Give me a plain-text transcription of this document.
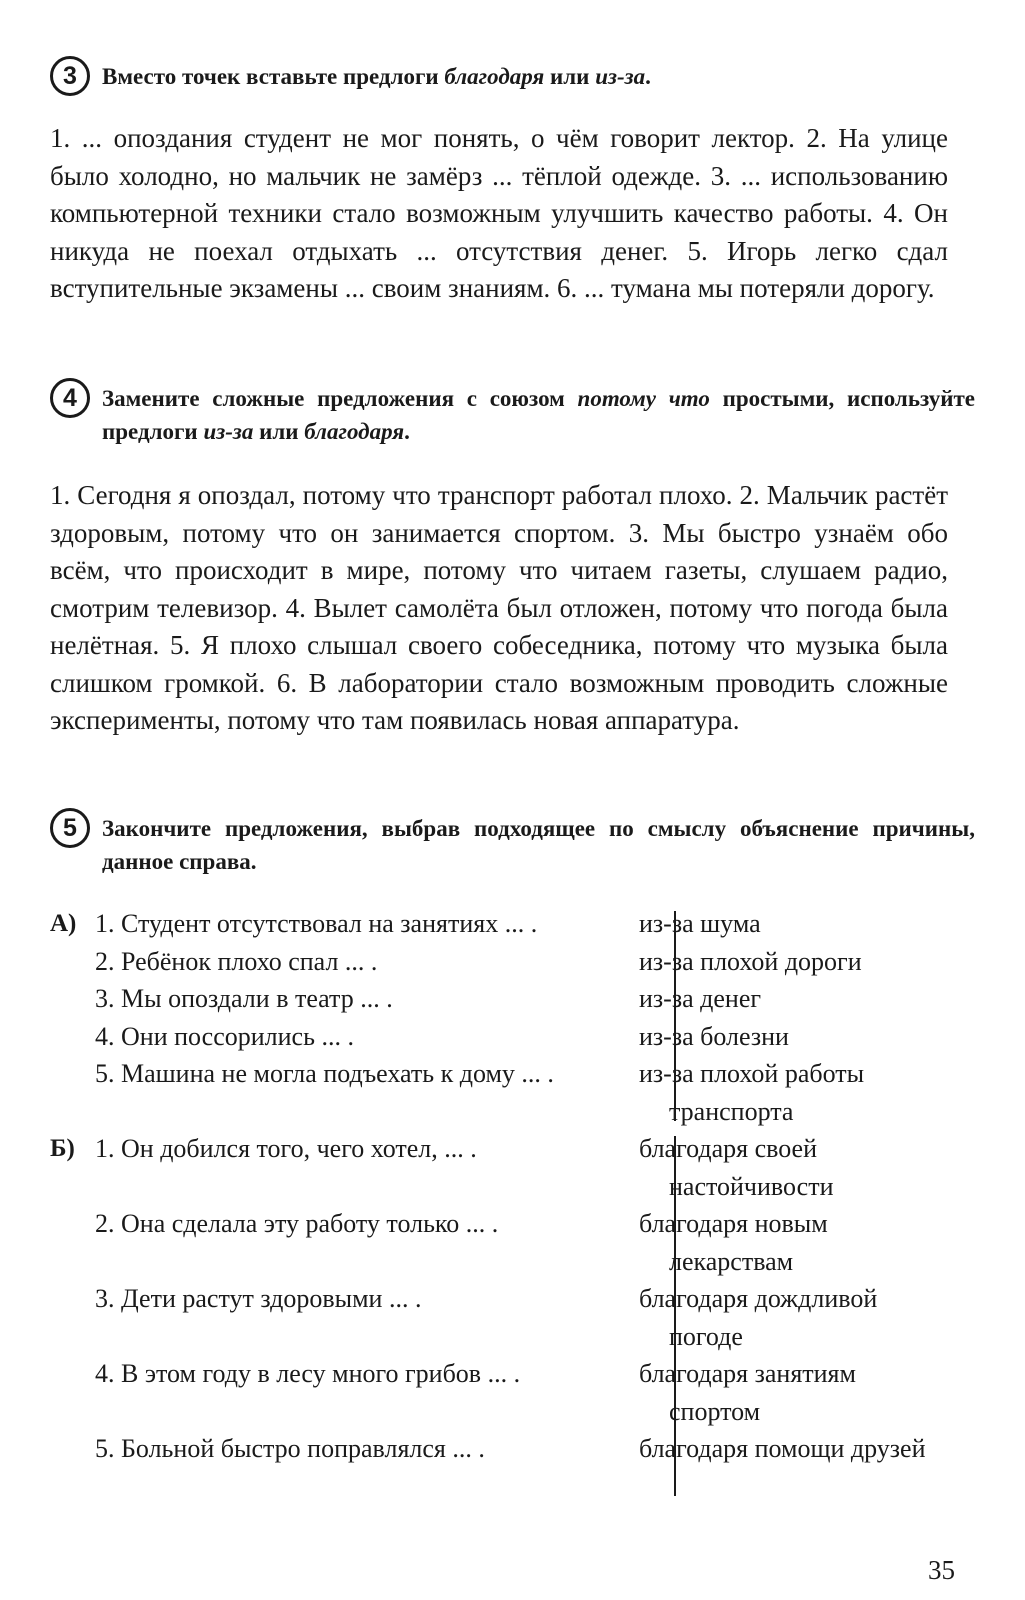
3	Вместо точек вставьте предлоги благодаря или из-за.
1. ... опоздания студент не мог понять, о чём говорит лектор. 2. На улице было холодно, но мальчик не замёрз ... тёплой одежде. 3. ... использованию компьютерной техники стало возможным улучшить качество работы. 4. Он никуда не поехал отдыхать ... отсутствия денег. 5. Игорь легко сдал вступительные экзамены ... своим знаниям. 6. ... тумана мы потеряли дорогу.
4	Замените сложные предложения с союзом потому что простыми, используйте предлоги из-за или благодаря.
1. Сегодня я опоздал, потому что транспорт работал плохо. 2. Мальчик растёт здоровым, потому что он занимается спортом. 3. Мы быстро узнаём обо всём, что происходит в мире, потому что читаем газеты, слушаем радио, смотрим телевизор. 4. Вылет самолёта был отложен, потому что погода была нелётная. 5. Я плохо слышал своего собеседника, потому что музыка была слишком громкой. 6. В лаборатории стало возможным проводить сложные эксперименты, потому что там появилась новая аппаратура.
5	Закончите предложения, выбрав подходящее по смыслу объяснение причины, данное справа.
А) 1. Студент отсутствовал на занятиях ... .	из-за шума
2. Ребёнок плохо спал ... .	из-за плохой дороги
3. Мы опоздали в театр ... .	из-за денег
4. Они поссорились ... .	из-за болезни
5. Машина не могла подъехать к дому ... .	из-за плохой работы
транспорта
Б) 1. Он добился того, чего хотел, ... .	благодаря своей
настойчивости
2. Она сделала эту работу только ... .	благодаря новым
лекарствам
3. Дети растут здоровыми ... .	благодаря дождливой
погоде
4. В этом году в лесу много грибов ... .	благодаря занятиям
спортом
5. Больной быстро поправлялся ... .	благодаря помощи друзей
35
